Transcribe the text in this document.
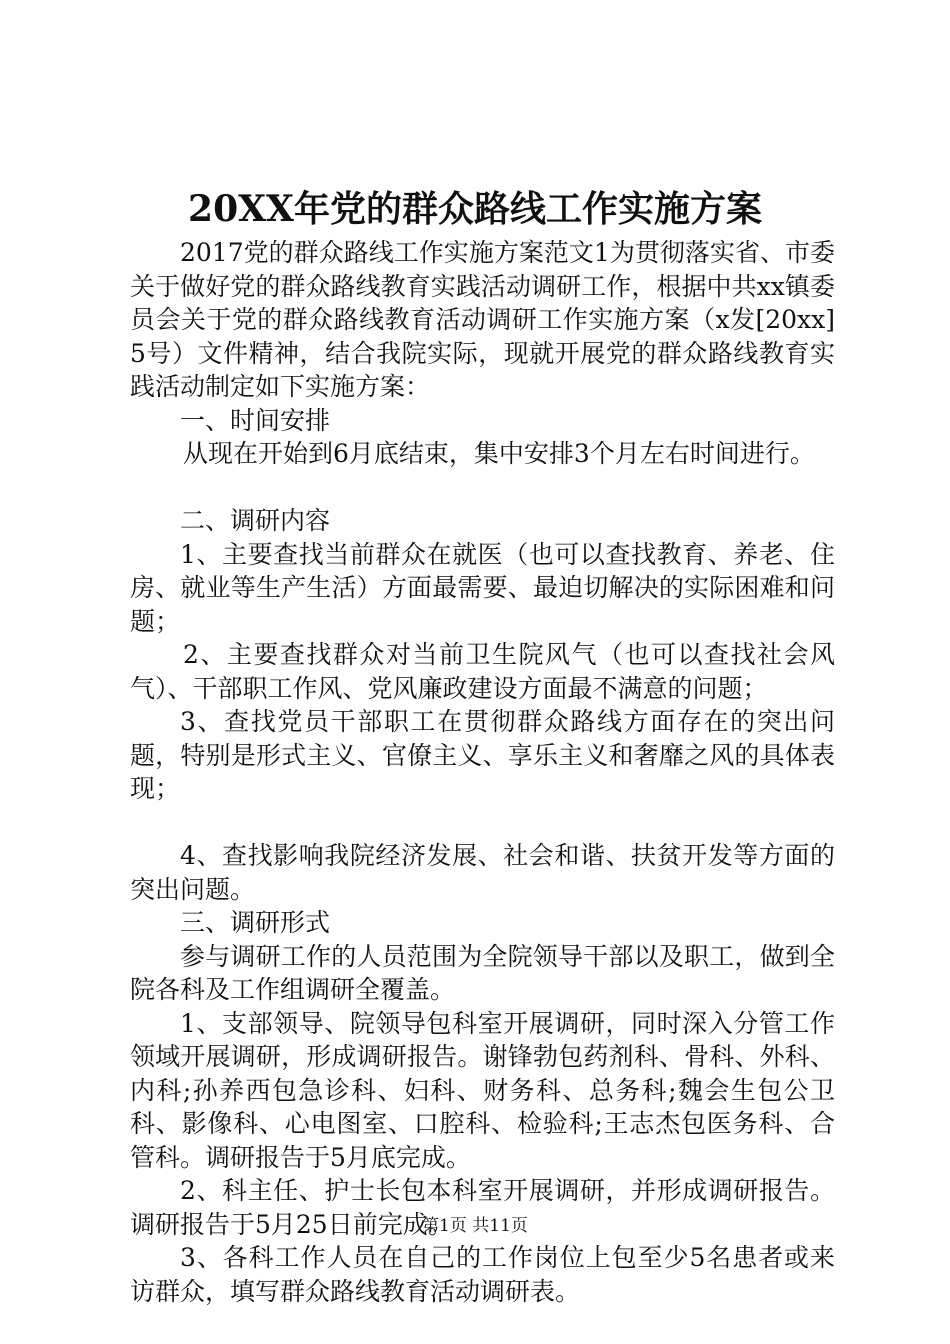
20XX年党的群众路线工作实施方案

2017党的群众路线工作实施方案范文1为贯彻落实省、市委关于做好党的群众路线教育实践活动调研工作，根据中共xx镇委员会关于党的群众路线教育活动调研工作实施方案（x发[20xx]5号）文件精神，结合我院实际，现就开展党的群众路线教育实践活动制定如下实施方案：

一、时间安排

从现在开始到6月底结束，集中安排3个月左右时间进行。

二、调研内容

1、主要查找当前群众在就医（也可以查找教育、养老、住房、就业等生产生活）方面最需要、最迫切解决的实际困难和问题；

2、主要查找群众对当前卫生院风气（也可以查找社会风气）、干部职工作风、党风廉政建设方面最不满意的问题；

3、查找党员干部职工在贯彻群众路线方面存在的突出问题，特别是形式主义、官僚主义、享乐主义和奢靡之风的具体表现；

4、查找影响我院经济发展、社会和谐、扶贫开发等方面的突出问题。

三、调研形式

参与调研工作的人员范围为全院领导干部以及职工，做到全院各科及工作组调研全覆盖。

1、支部领导、院领导包科室开展调研，同时深入分管工作领域开展调研，形成调研报告。谢锋勃包药剂科、骨科、外科、内科;孙养西包急诊科、妇科、财务科、总务科;魏会生包公卫科、影像科、心电图室、口腔科、检验科;王志杰包医务科、合管科。调研报告于5月底完成。

2、科主任、护士长包本科室开展调研，并形成调研报告。调研报告于5月25日前完成。

3、各科工作人员在自己的工作岗位上包至少5名患者或来访群众，填写群众路线教育活动调研表。

第1页 共11页
